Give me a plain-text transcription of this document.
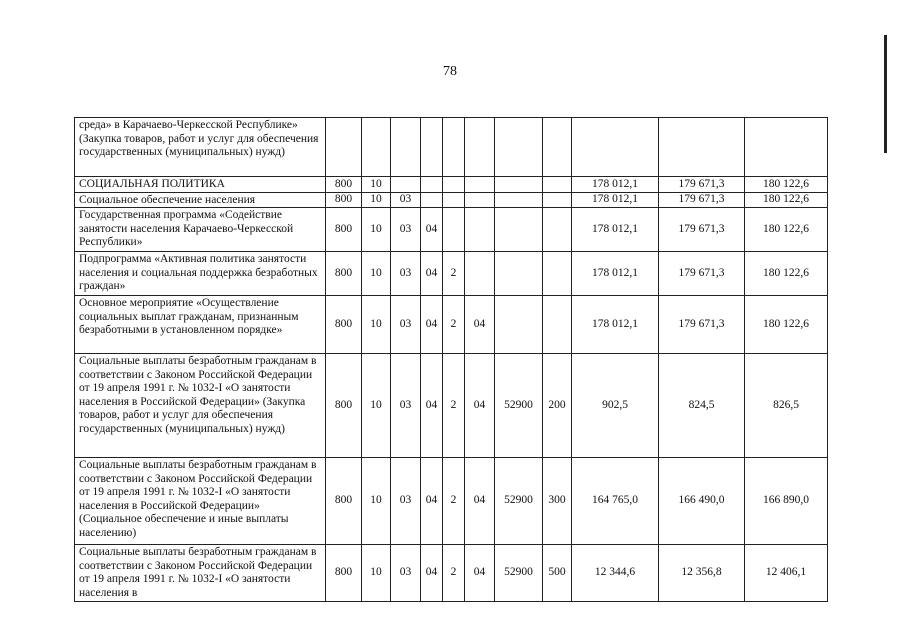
78
среда» в Карачаево-Черкесской Республике» (Закупка товаров, работ и услуг для обеспечения государственных (муниципальных) нужд)											
СОЦИАЛЬНАЯ ПОЛИТИКА	800	10							178 012,1	179 671,3	180 122,6
Социальное обеспечение населения	800	10	03						178 012,1	179 671,3	180 122,6
Государственная программа «Содействие занятости населения Карачаево-Черкесской Республики»	800	10	03	04					178 012,1	179 671,3	180 122,6
Подпрограмма «Активная политика занятости населения и социальная поддержка безработных граждан»	800	10	03	04	2				178 012,1	179 671,3	180 122,6
Основное мероприятие «Осуществление социальных выплат гражданам, признанным безработными в установленном порядке»	800	10	03	04	2	04			178 012,1	179 671,3	180 122,6
Социальные выплаты безработным гражданам в соответствии с Законом Российской Федерации от 19 апреля 1991 г. № 1032-I «О занятости населения в Российской Федерации» (Закупка товаров, работ и услуг для обеспечения государственных (муниципальных) нужд)	800	10	03	04	2	04	52900	200	902,5	824,5	826,5
Социальные выплаты безработным гражданам в соответствии с Законом Российской Федерации от 19 апреля 1991 г. № 1032-I «О занятости населения в Российской Федерации» (Социальное обеспечение и иные выплаты населению)	800	10	03	04	2	04	52900	300	164 765,0	166 490,0	166 890,0
Социальные выплаты безработным гражданам в соответствии с Законом Российской Федерации от 19 апреля 1991 г. № 1032-I «О занятости населения в	800	10	03	04	2	04	52900	500	12 344,6	12 356,8	12 406,1
